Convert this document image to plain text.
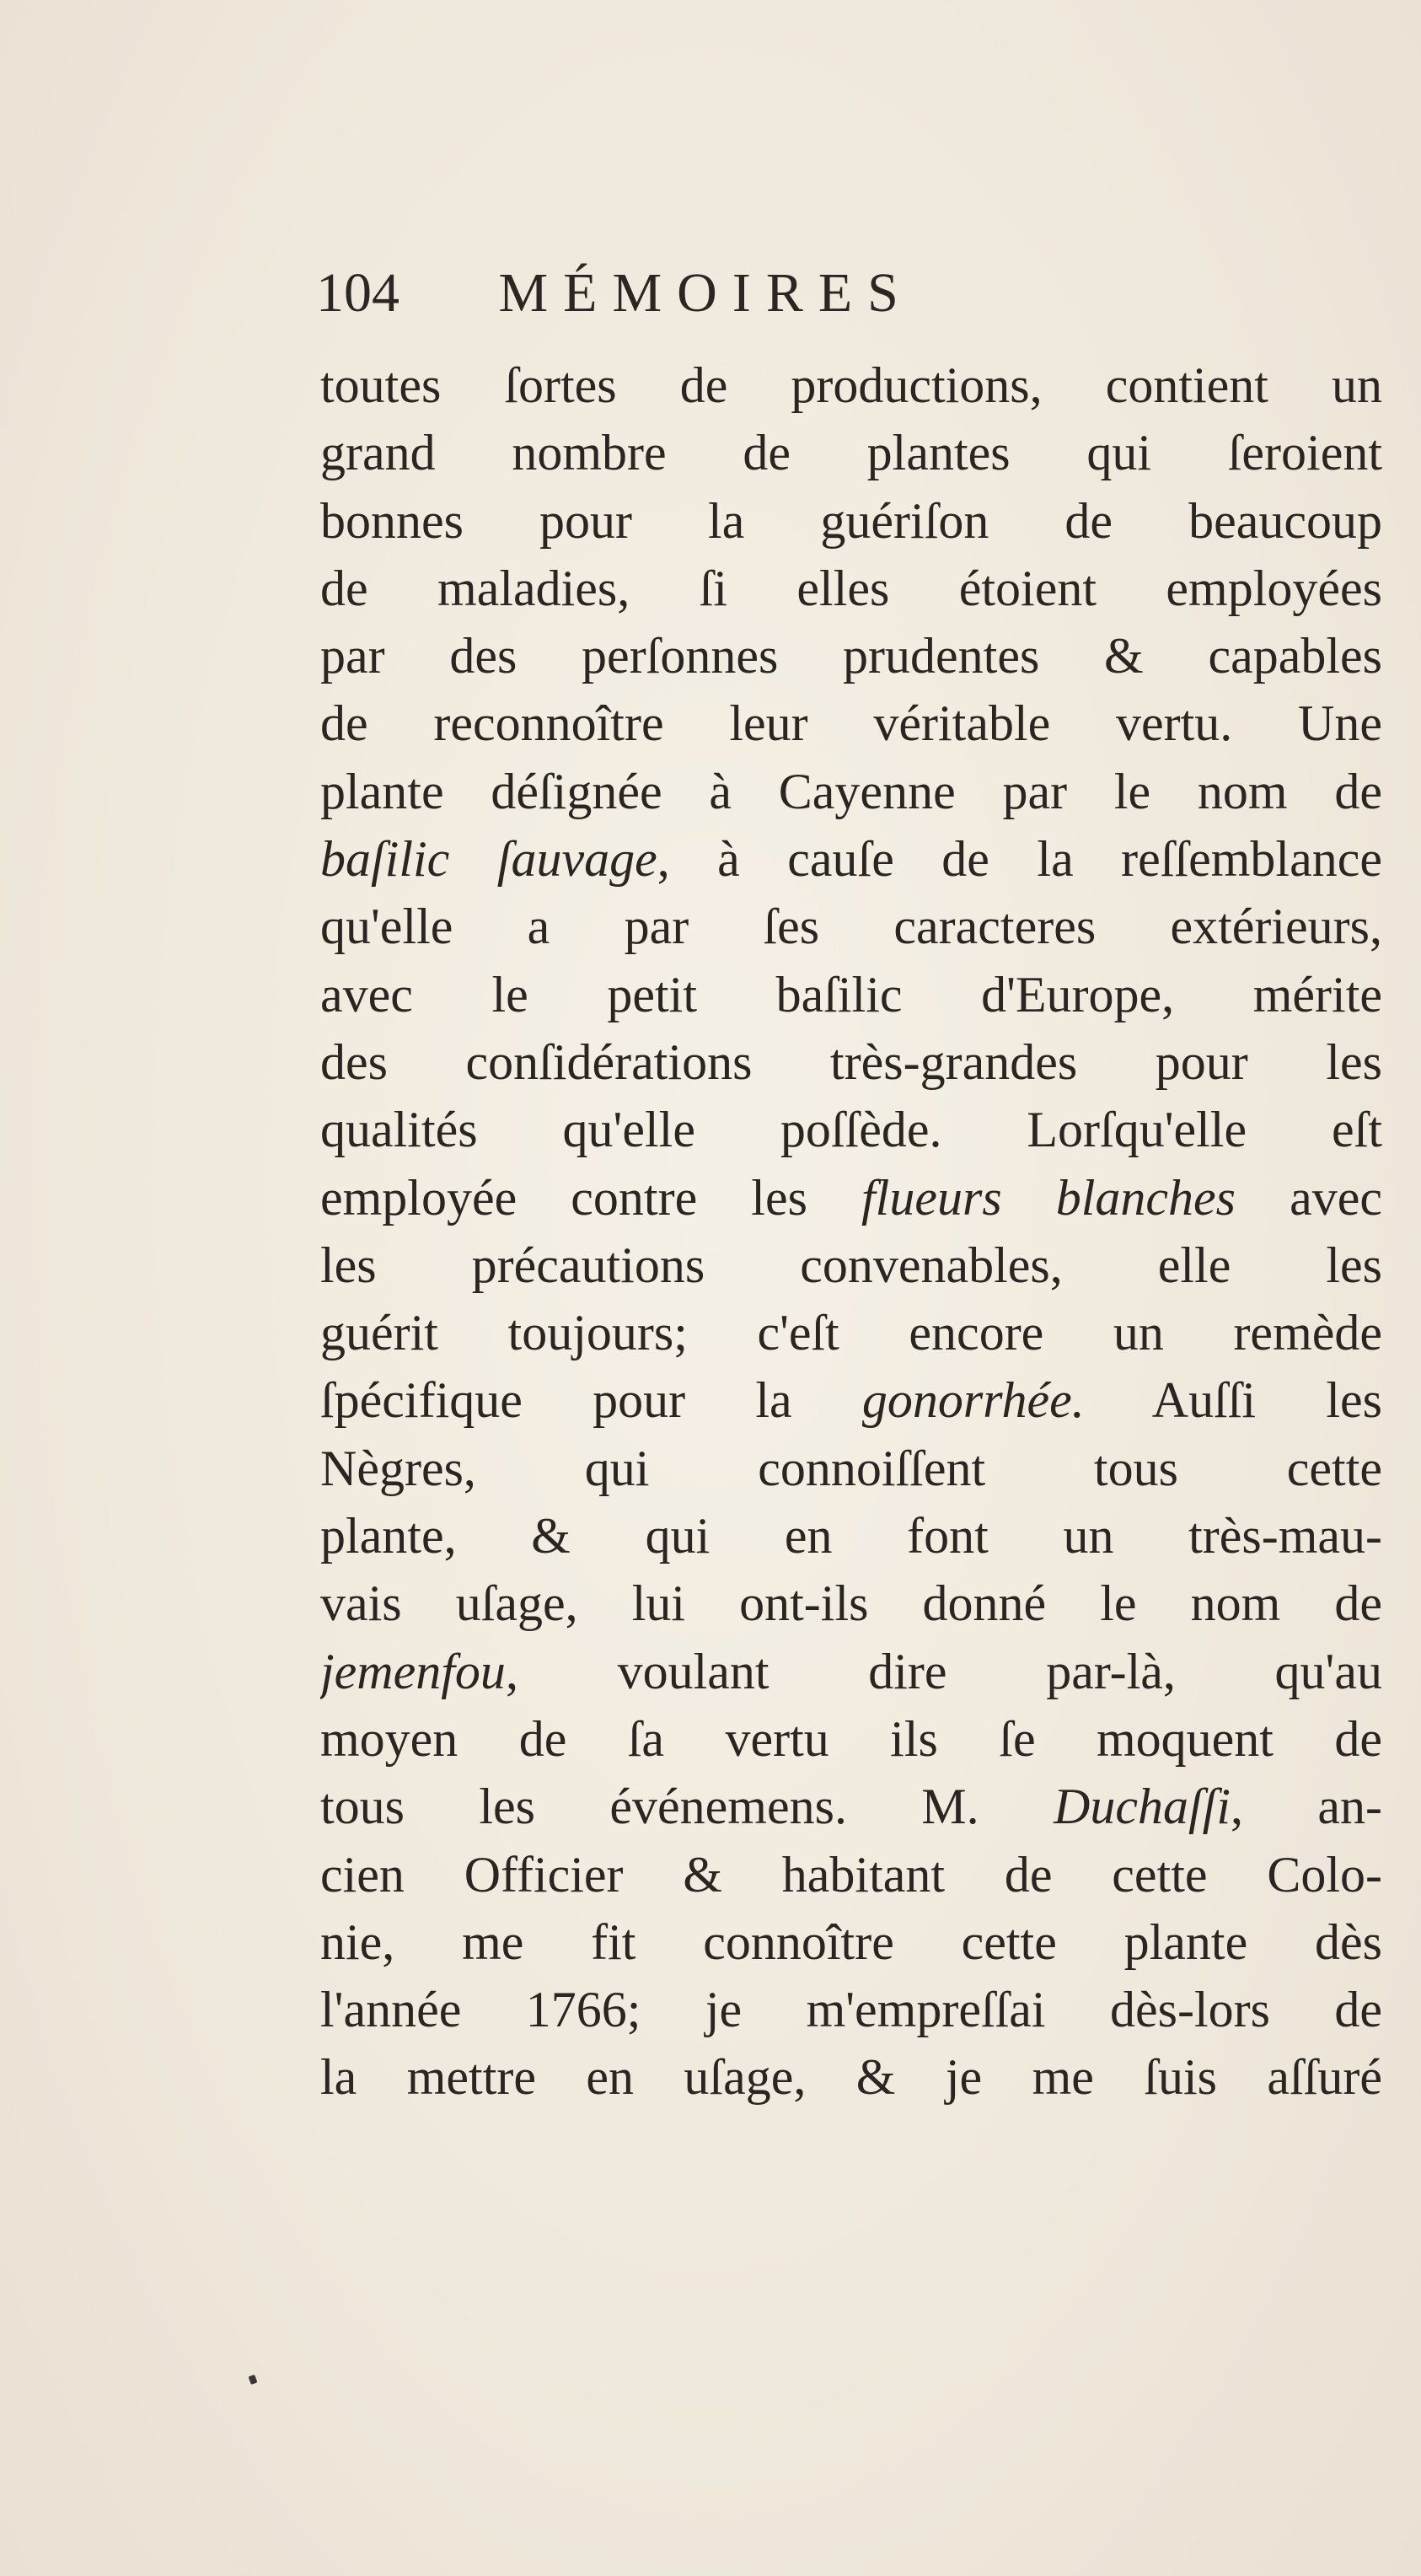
104 MÉMOIRES
toutes ſortes de productions, contient un
grand nombre de plantes qui ſeroient
bonnes pour la guériſon de beaucoup
de maladies, ſi elles étoient employées
par des perſonnes prudentes & capables
de reconnoître leur véritable vertu. Une
plante déſignée à Cayenne par le nom de
baſilic ſauvage, à cauſe de la reſſemblance
qu'elle a par ſes caracteres extérieurs,
avec le petit baſilic d'Europe, mérite
des conſidérations très-grandes pour les
qualités qu'elle poſſède. Lorſqu'elle eſt
employée contre les flueurs blanches avec
les précautions convenables, elle les
guérit toujours; c'eſt encore un remède
ſpécifique pour la gonorrhée. Auſſi les
Nègres, qui connoiſſent tous cette
plante, & qui en font un très-mau-
vais uſage, lui ont-ils donné le nom de
jemenfou, voulant dire par-là, qu'au
moyen de ſa vertu ils ſe moquent de
tous les événemens. M. Duchaſſi, an-
cien Officier & habitant de cette Colo-
nie, me fit connoître cette plante dès
l'année 1766; je m'empreſſai dès-lors de
la mettre en uſage, & je me ſuis aſſuré
